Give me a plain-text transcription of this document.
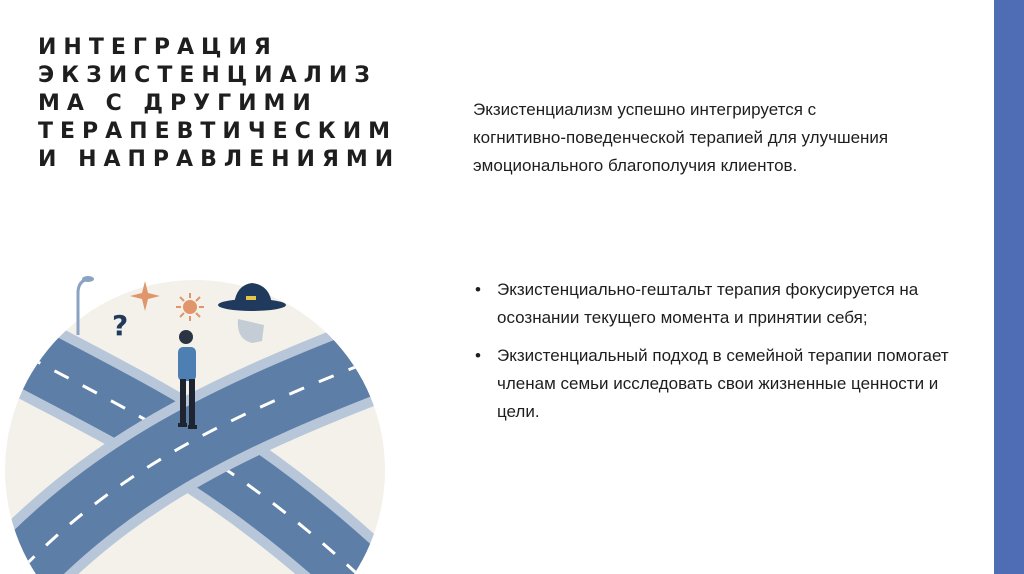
ИНТЕГРАЦИЯ
ЭКЗИСТЕНЦИАЛИЗ
МА С ДРУГИМИ
ТЕРАПЕВТИЧЕСКИМ
И НАПРАВЛЕНИЯМИ

Экзистенциализм успешно интегрируется с когнитивно-поведенческой терапией для улучшения эмоционального благополучия клиентов.

• Экзистенциально-гештальт терапия фокусируется на осознании текущего момента и принятии себя;
• Экзистенциальный подход в семейной терапии помогает членам семьи исследовать свои жизненные ценности и цели.
?
